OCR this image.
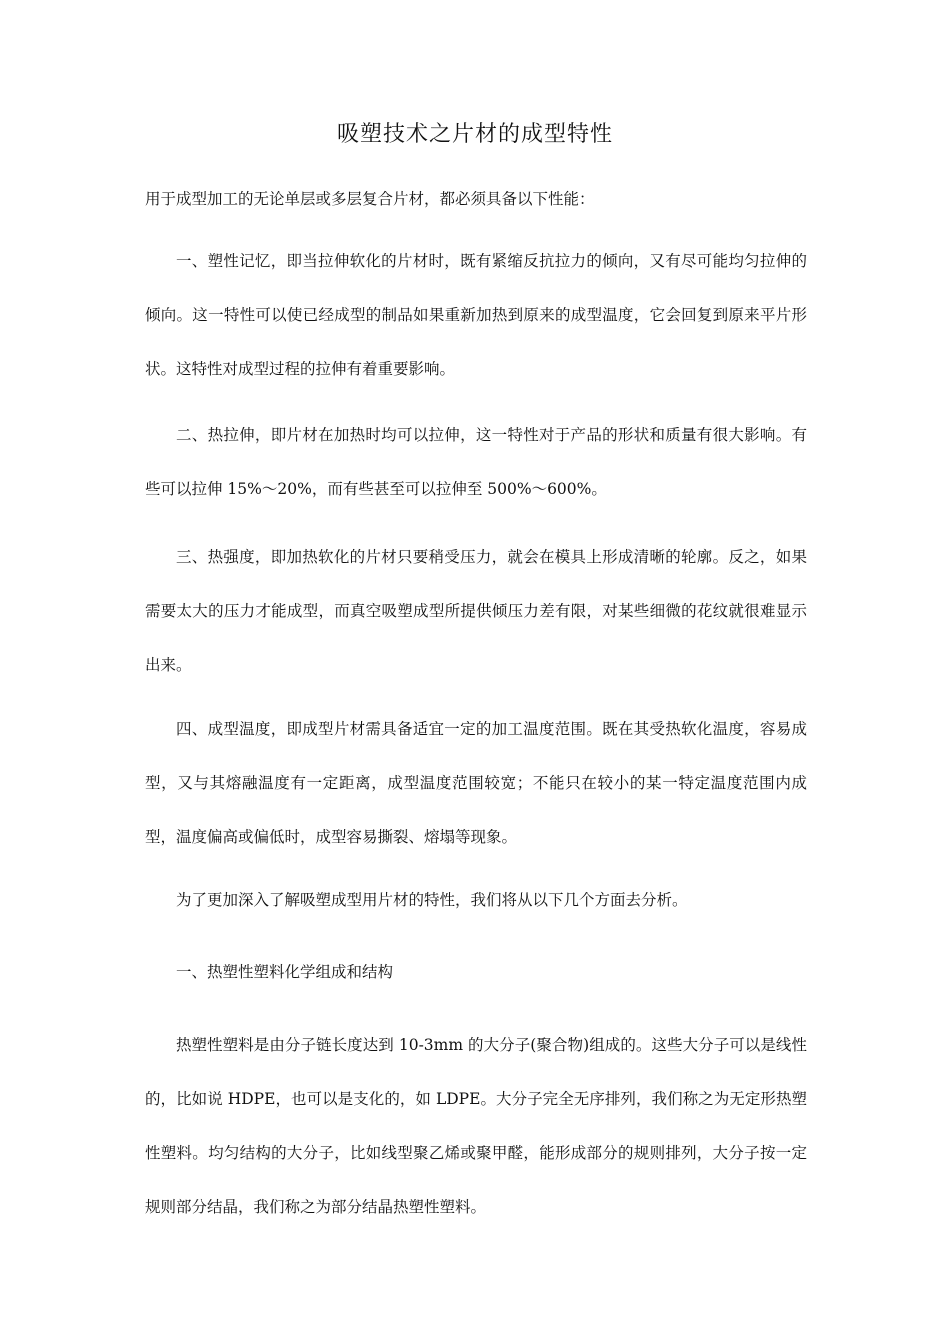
吸塑技术之片材的成型特性

用于成型加工的无论单层或多层复合片材，都必须具备以下性能：

一、塑性记忆，即当拉伸软化的片材时，既有紧缩反抗拉力的倾向，又有尽可能均匀拉伸的倾向。这一特性可以使已经成型的制品如果重新加热到原来的成型温度，它会回复到原来平片形状。这特性对成型过程的拉伸有着重要影响。

二、热拉伸，即片材在加热时均可以拉伸，这一特性对于产品的形状和质量有很大影响。有些可以拉伸 15%～20%，而有些甚至可以拉伸至 500%～600%。

三、热强度，即加热软化的片材只要稍受压力，就会在模具上形成清晰的轮廓。反之，如果需要太大的压力才能成型，而真空吸塑成型所提供倾压力差有限，对某些细微的花纹就很难显示出来。

四、成型温度，即成型片材需具备适宜一定的加工温度范围。既在其受热软化温度，容易成型，又与其熔融温度有一定距离，成型温度范围较宽；不能只在较小的某一特定温度范围内成型，温度偏高或偏低时，成型容易撕裂、熔塌等现象。

为了更加深入了解吸塑成型用片材的特性，我们将从以下几个方面去分析。

一、热塑性塑料化学组成和结构

热塑性塑料是由分子链长度达到 10-3mm 的大分子(聚合物)组成的。这些大分子可以是线性的，比如说 HDPE，也可以是支化的，如 LDPE。大分子完全无序排列，我们称之为无定形热塑性塑料。均匀结构的大分子，比如线型聚乙烯或聚甲醛，能形成部分的规则排列，大分子按一定规则部分结晶，我们称之为部分结晶热塑性塑料。
